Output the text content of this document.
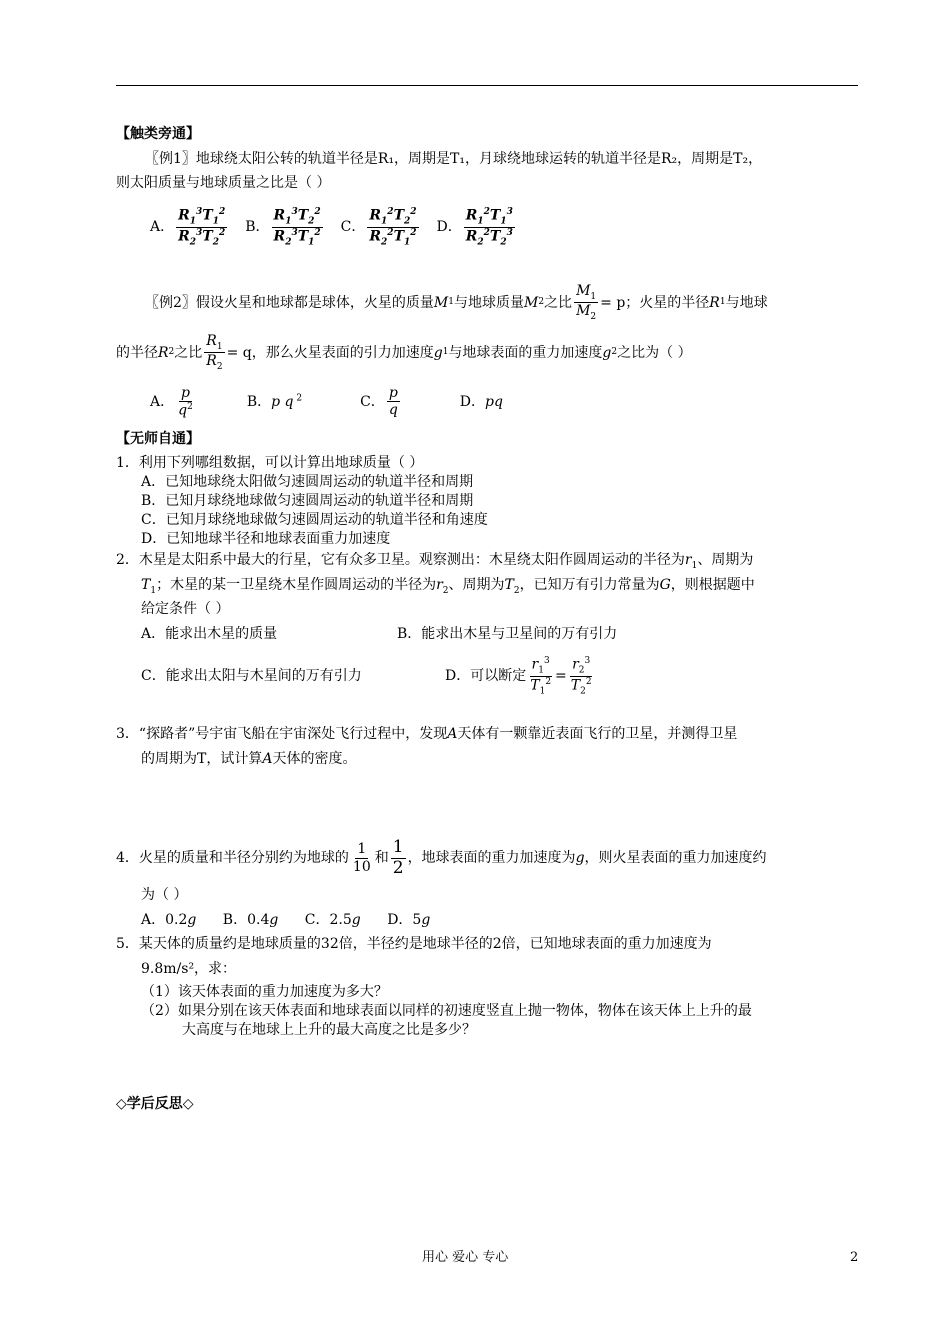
【触类旁通】
〖例1〗地球绕太阳公转的轨道半径是R₁，周期是T₁，月球绕地球运转的轨道半径是R₂，周期是T₂，
则太阳质量与地球质量之比是（ ）
A． $\frac{R_1^3T_1^2}{R_2^3T_2^2}$ B． $\frac{R_1^3T_2^2}{R_2^3T_1^2}$ C． $\frac{R_1^2T_2^2}{R_2^2T_1^2}$ D． $\frac{R_1^2T_1^3}{R_2^2T_2^3}$
〖例2〗假设火星和地球都是球体，火星的质量 M 1 与地球质量 M 2 之比 $\frac{M_1}{M_2} = p$；火星的半径 R 1 与地球
的半径 R 2 之比 $\frac{R_1}{R_2} = q$，那么火星表面的引力加速度 g 1 与地球表面的重力加速度 g 2 之比为（ ）
A． $\frac{p}{q^2}$	B． p q $^2$	C． $\frac{p}{q}$	D． pq
【无师自通】
1．利用下列哪组数据，可以计算出地球质量（ ）
A．已知地球绕太阳做匀速圆周运动的轨道半径和周期
B．已知月球绕地球做匀速圆周运动的轨道半径和周期
C．已知月球绕地球做匀速圆周运动的轨道半径和角速度
D．已知地球半径和地球表面重力加速度
2．木星是太阳系中最大的行星，它有众多卫星。观察测出：木星绕太阳作圆周运动的半径为$r_1$、周期为
$T_1$；木星的某一卫星绕木星作圆周运动的半径为$r_2$、周期为$T_2$，已知万有引力常量为G，则根据题中
给定条件（ ）
A．能求出木星的质量	B．能求出木星与卫星间的万有引力
C．能求出太阳与木星间的万有引力	D．可以断定 $\frac{r_1^3}{T_1^2} = \frac{r_2^3}{T_2^2}$
3．“探路者”号宇宙飞船在宇宙深处飞行过程中，发现A天体有一颗靠近表面飞行的卫星，并测得卫星
的周期为T，试计算A天体的密度。
4．火星的质量和半径分别约为地球的 $\frac{1}{10}$ 和 $\frac{1}{2}$ ，地球表面的重力加速度为 g ，则火星表面的重力加速度约
为（ ）
A．0.2g B．0.4g C．2.5g D．5g
5．某天体的质量约是地球质量的32倍，半径约是地球半径的2倍，已知地球表面的重力加速度为
9.8m/s²，求：
（1）该天体表面的重力加速度为多大？
（2）如果分别在该天体表面和地球表面以同样的初速度竖直上抛一物体，物体在该天体上上升的最
大高度与在地球上上升的最大高度之比是多少？
◇学后反思◇
用心 爱心 专心	2
